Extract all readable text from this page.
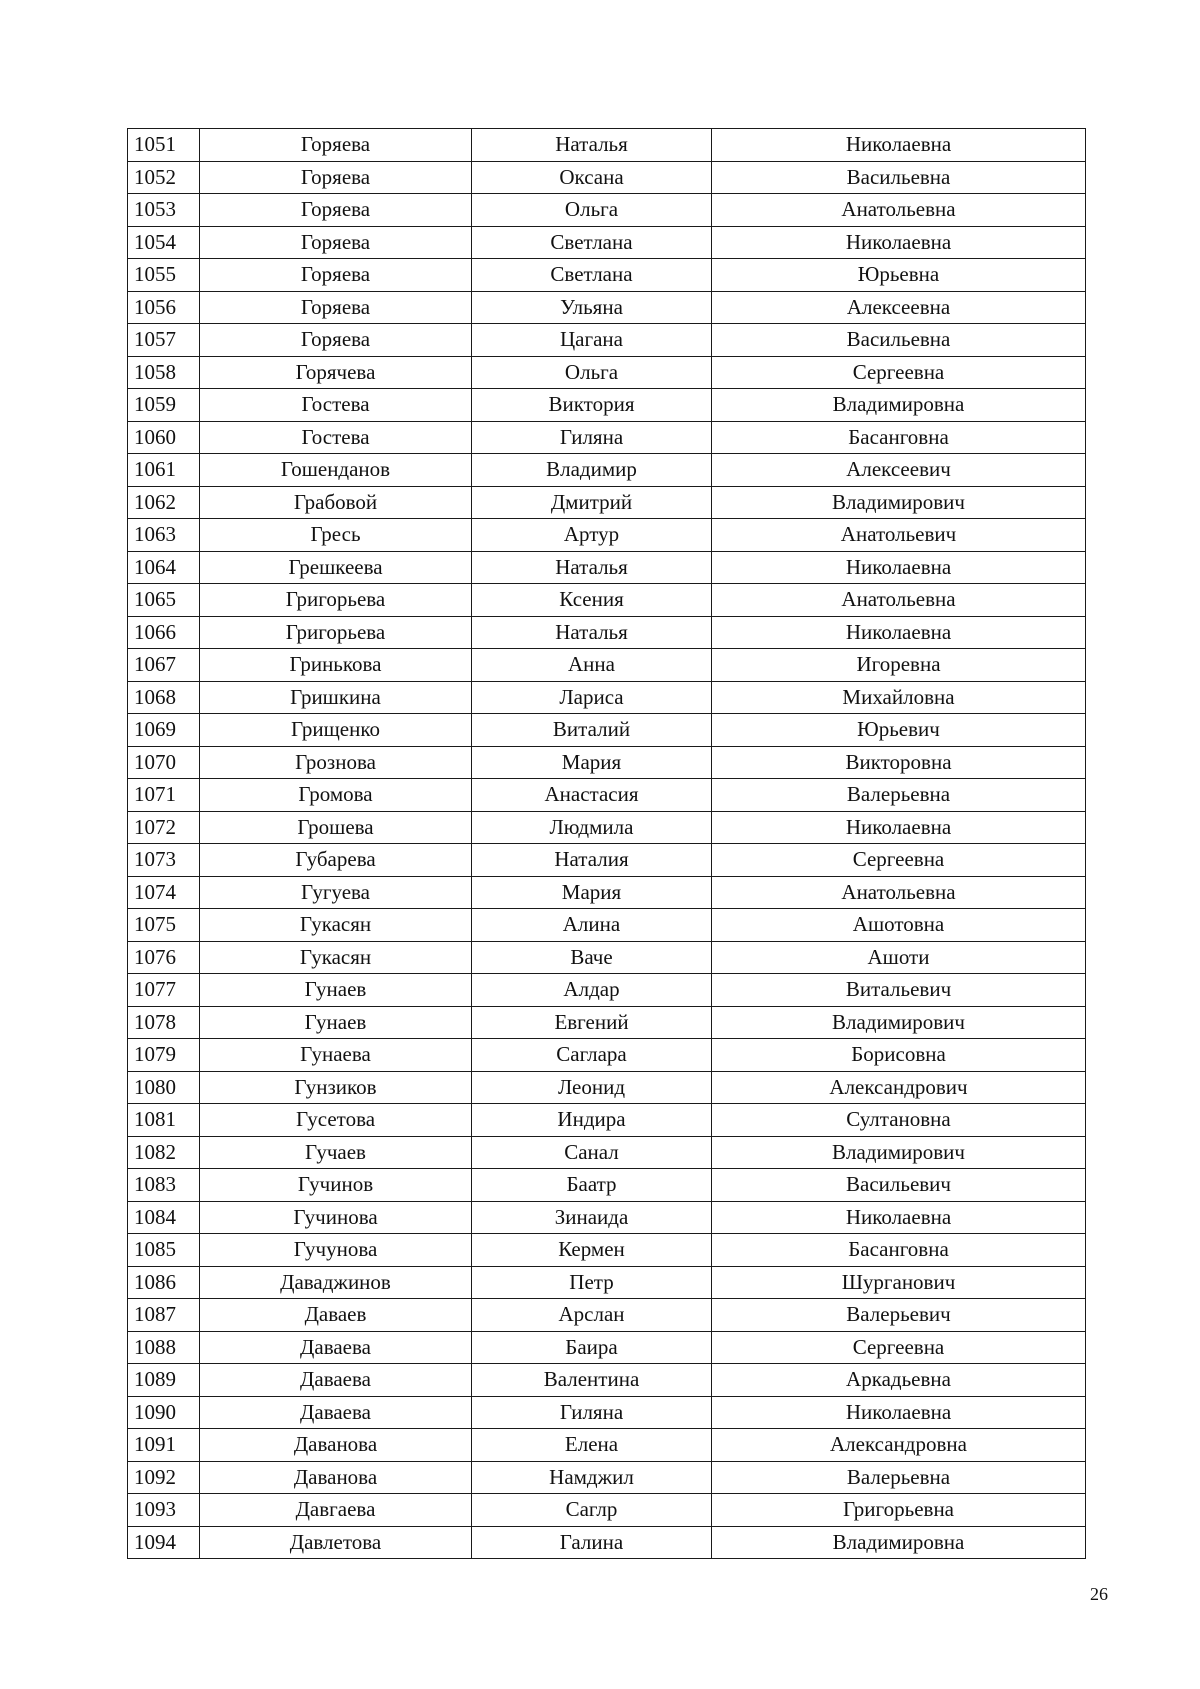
1051	Горяева	Наталья	Николаевна
1052	Горяева	Оксана	Васильевна
1053	Горяева	Ольга	Анатольевна
1054	Горяева	Светлана	Николаевна
1055	Горяева	Светлана	Юрьевна
1056	Горяева	Ульяна	Алексеевна
1057	Горяева	Цагана	Васильевна
1058	Горячева	Ольга	Сергеевна
1059	Гостева	Виктория	Владимировна
1060	Гостева	Гиляна	Басанговна
1061	Гошенданов	Владимир	Алексеевич
1062	Грабовой	Дмитрий	Владимирович
1063	Гресь	Артур	Анатольевич
1064	Грешкеева	Наталья	Николаевна
1065	Григорьева	Ксения	Анатольевна
1066	Григорьева	Наталья	Николаевна
1067	Гринькова	Анна	Игоревна
1068	Гришкина	Лариса	Михайловна
1069	Грищенко	Виталий	Юрьевич
1070	Грознова	Мария	Викторовна
1071	Громова	Анастасия	Валерьевна
1072	Грошева	Людмила	Николаевна
1073	Губарева	Наталия	Сергеевна
1074	Гугуева	Мария	Анатольевна
1075	Гукасян	Алина	Ашотовна
1076	Гукасян	Ваче	Ашоти
1077	Гунаев	Алдар	Витальевич
1078	Гунаев	Евгений	Владимирович
1079	Гунаева	Саглара	Борисовна
1080	Гунзиков	Леонид	Александрович
1081	Гусетова	Индира	Султановна
1082	Гучаев	Санал	Владимирович
1083	Гучинов	Баатр	Васильевич
1084	Гучинова	Зинаида	Николаевна
1085	Гучунова	Кермен	Басанговна
1086	Даваджинов	Петр	Шурганович
1087	Даваев	Арслан	Валерьевич
1088	Даваева	Баира	Сергеевна
1089	Даваева	Валентина	Аркадьевна
1090	Даваева	Гиляна	Николаевна
1091	Даванова	Елена	Александровна
1092	Даванова	Намджил	Валерьевна
1093	Давгаева	Саглр	Григорьевна
1094	Давлетова	Галина	Владимировна
26
